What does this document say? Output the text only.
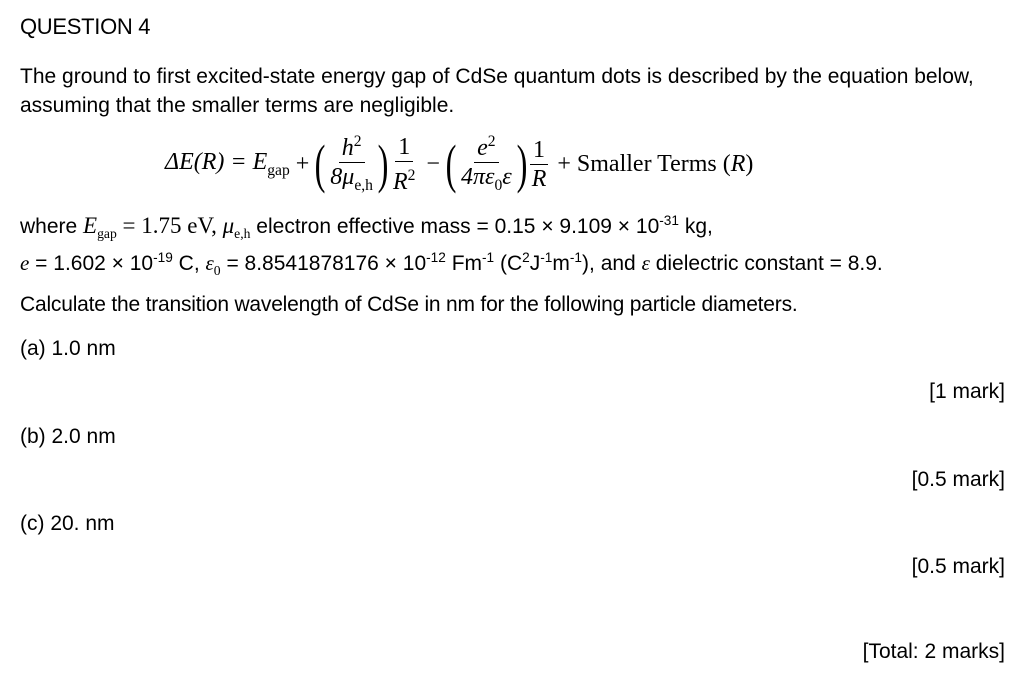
QUESTION 4
The ground to first excited-state energy gap of CdSe quantum dots is described by the equation below, assuming that the smaller terms are negligible.
$\Delta E(R) = E_{gap}$ + ( $\frac{h^2}{8\mu_{e,h}}$ ) $\frac{1}{R^2}$ − ( $\frac{e^2}{4\pi\varepsilon_0\varepsilon}$ ) $\frac{1}{R}$ + Smaller Terms (R)
where $E_{gap} = 1.75$ eV, $\mu_{e,h}$ electron effective mass = $0.15 \times 9.109 \times 10^{-31}$ kg,
$e = 1.602 \times 10^{-19}$ C, $\varepsilon_0 = 8.8541878176 \times 10^{-12}$ $Fm^{-1}$ $(C^2J^{-1}m^{-1})$, and ε dielectric constant = 8.9.
Calculate the transition wavelength of CdSe in nm for the following particle diameters.
(a) 1.0 nm
[1 mark]
(b) 2.0 nm
[0.5 mark]
(c) 20. nm
[0.5 mark]
[Total: 2 marks]
